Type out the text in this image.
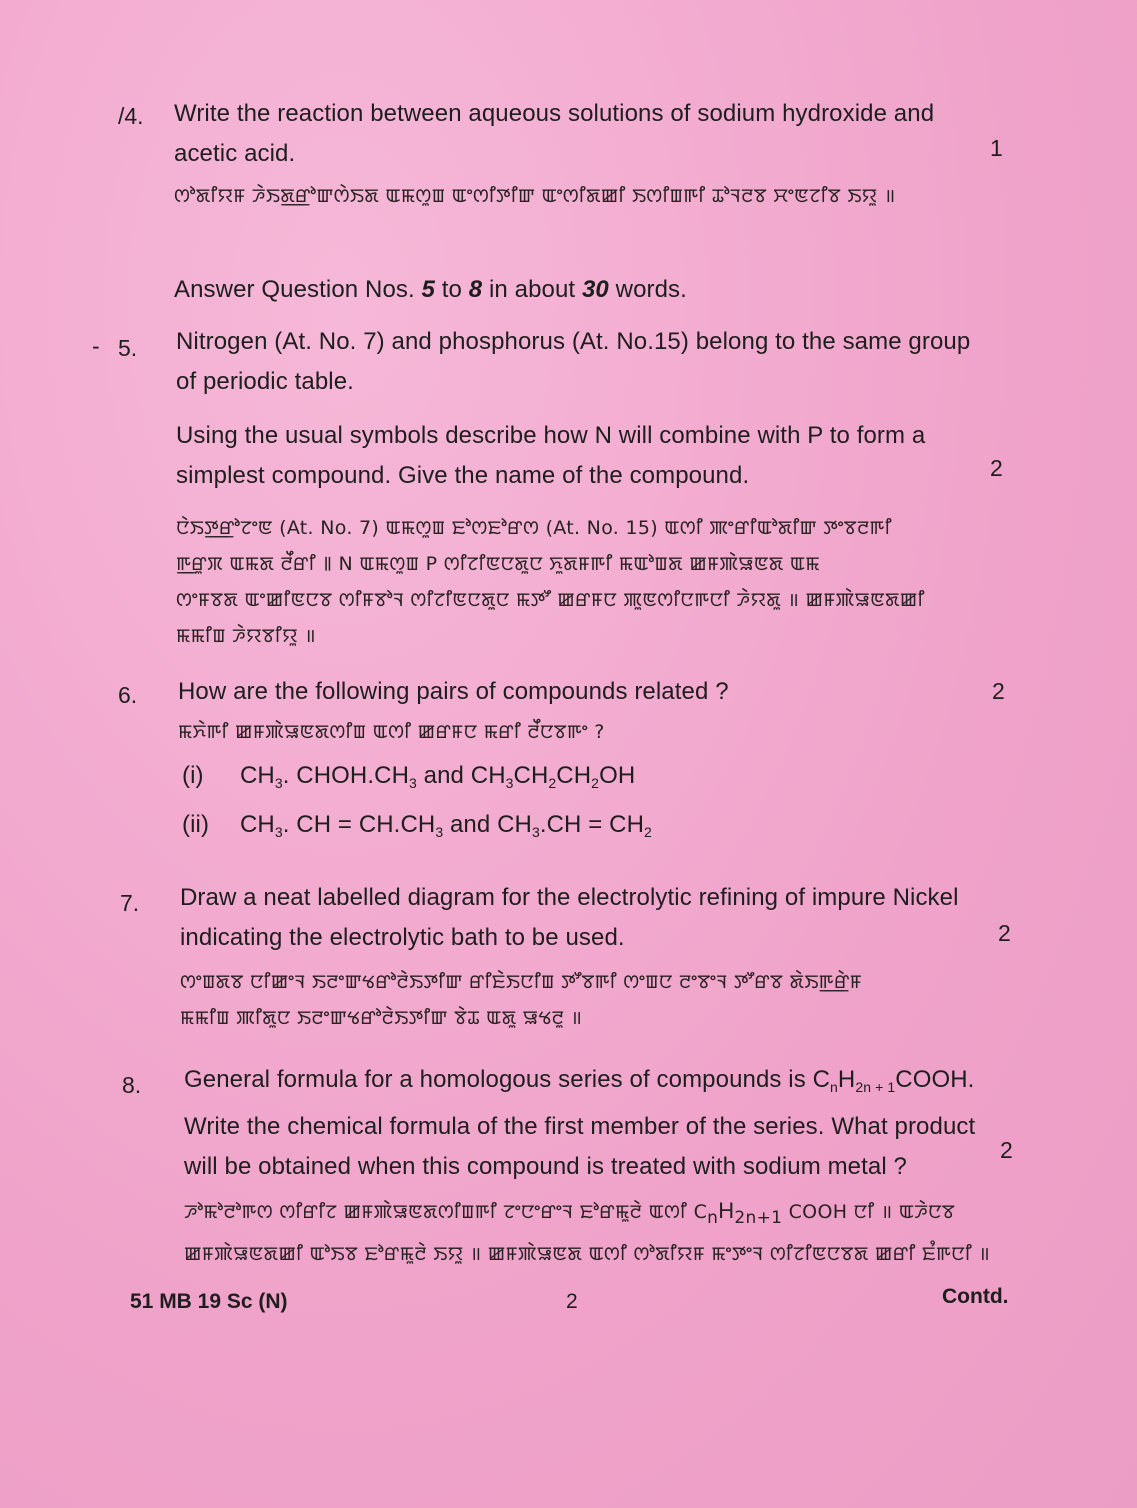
/4. Write the reaction between aqueous solutions of sodium hydroxide and
acetic acid.
ꯁꯣꯗꯤꯌꯝ ꯍꯥꯏꯗ꯭ꯔꯣꯛꯁꯥꯏꯗ ꯑꯃꯁꯨꯡ ꯑꯦꯁꯤꯇꯤꯛ ꯑꯦꯁꯤꯗꯀꯤ ꯏꯁꯤꯡꯒꯤ ꯊꯣꯜꯂꯕ ꯆꯦꯟꯖꯤꯕ ꯏꯌꯨ ॥
1
Answer Question Nos. 5 to 8 in about 30 words.
- 5. Nitrogen (At. No. 7) and phosphorus (At. No.15) belong to the same group
of periodic table.
Using the usual symbols describe how N will combine with P to form a
simplest compound. Give the name of the compound.
ꯅꯥꯏꯇ꯭ꯔꯣꯖꯦꯟ (At. No. 7) ꯑꯃꯁꯨꯡ ꯐꯣꯁꯐꯣꯔꯁ (At. No. 15) ꯑꯁꯤ ꯄꯦꯔꯤꯑꯣꯗꯤꯛ ꯇꯦꯕꯂꯒꯤ
ꯒ꯭ꯔꯨꯞ ꯑꯃꯗ ꯂꯩꯔꯤ ꯫ N ꯑꯃꯁꯨꯡ P ꯁꯤꯖꯤꯟꯅꯗꯨꯅ ꯈꯨꯗꯝꯒꯤ ꯃꯑꯣꯡꯗ ꯀꯝꯄꯥꯎꯟꯗ ꯑꯃ
ꯁꯦꯝꯕꯗ ꯑꯦꯀꯤꯟꯅꯕ ꯁꯤꯝꯕꯣꯜ ꯁꯤꯖꯤꯟꯅꯗꯨꯅ ꯃꯇꯧ ꯀꯔꯝꯅ ꯄꯨꯟꯁꯤꯅꯒꯅꯤ ꯍꯥꯌꯗꯨ ॥ ꯀꯝꯄꯥꯎꯟꯗꯀꯤ
ꯃꯃꯤꯡ ꯍꯥꯌꯕꯤꯌꯨ ॥
2
6. How are the following pairs of compounds related ?
ꯃꯈꯥꯒꯤ ꯀꯝꯄꯥꯎꯟꯗꯁꯤꯡ ꯑꯁꯤ ꯀꯔꯝꯅ ꯃꯔꯤ ꯂꯩꯅꯕꯒꯦ ?
(i) $CH_3$. $CHOH.CH_3$ and $CH_3CH_2CH_2OH$
(ii) $CH_3$. CH = $CH.CH_3$ and $CH_3.CH = CH_2$
2
7. Draw a neat labelled diagram for the electrolytic refining of impure Nickel
indicating the electrolytic bath to be used.
ꯁꯦꯡꯗꯕ ꯅꯤꯀꯦꯜ ꯏꯂꯦꯛꯠꯔꯣꯂꯥꯏꯇꯤꯛ ꯔꯤꯐꯥꯏꯅꯤꯡ ꯇꯧꯕꯒꯤ ꯁꯦꯡꯅ ꯂꯦꯕꯦꯜ ꯇꯧꯔꯕ ꯗꯥꯏꯒ꯭ꯔꯥꯝ
ꯃꯃꯤꯡ ꯄꯤꯗꯨꯅ ꯏꯂꯦꯛꯠꯔꯣꯂꯥꯏꯇꯤꯛ ꯕꯥꯊ ꯑꯗꯨ ꯎꯠꯂꯨ ॥
2
8. General formula for a homologous series of compounds is $C_nH_{2n + 1}COOH$.
Write the chemical formula of the first member of the series. What product
will be obtained when this compound is treated with sodium metal ?
ꯍꯣꯃꯣꯂꯣꯒꯁ ꯁꯤꯔꯤꯖ ꯀꯝꯄꯥꯎꯟꯗꯁꯤꯡꯒꯤ ꯖꯦꯅꯦꯔꯦꯜ ꯐꯣꯔꯃꯨꯂꯥ ꯑꯁꯤ CnH2n+1 COOH ꯅꯤ ॥ ꯑꯍꯥꯅꯕ
ꯀꯝꯄꯥꯎꯟꯗꯀꯤ ꯑꯣꯏꯕ ꯐꯣꯔꯃꯨꯂꯥ ꯏꯌꯨ ॥ ꯀꯝꯄꯥꯎꯟꯗ ꯑꯁꯤ ꯁꯣꯗꯤꯌꯝ ꯃꯦꯇꯦꯜ ꯁꯤꯖꯤꯟꯅꯕꯗ ꯀꯔꯤ ꯐꯪꯒꯅꯤ ॥
2
51 MB 19 Sc (N)	2	Contd.
